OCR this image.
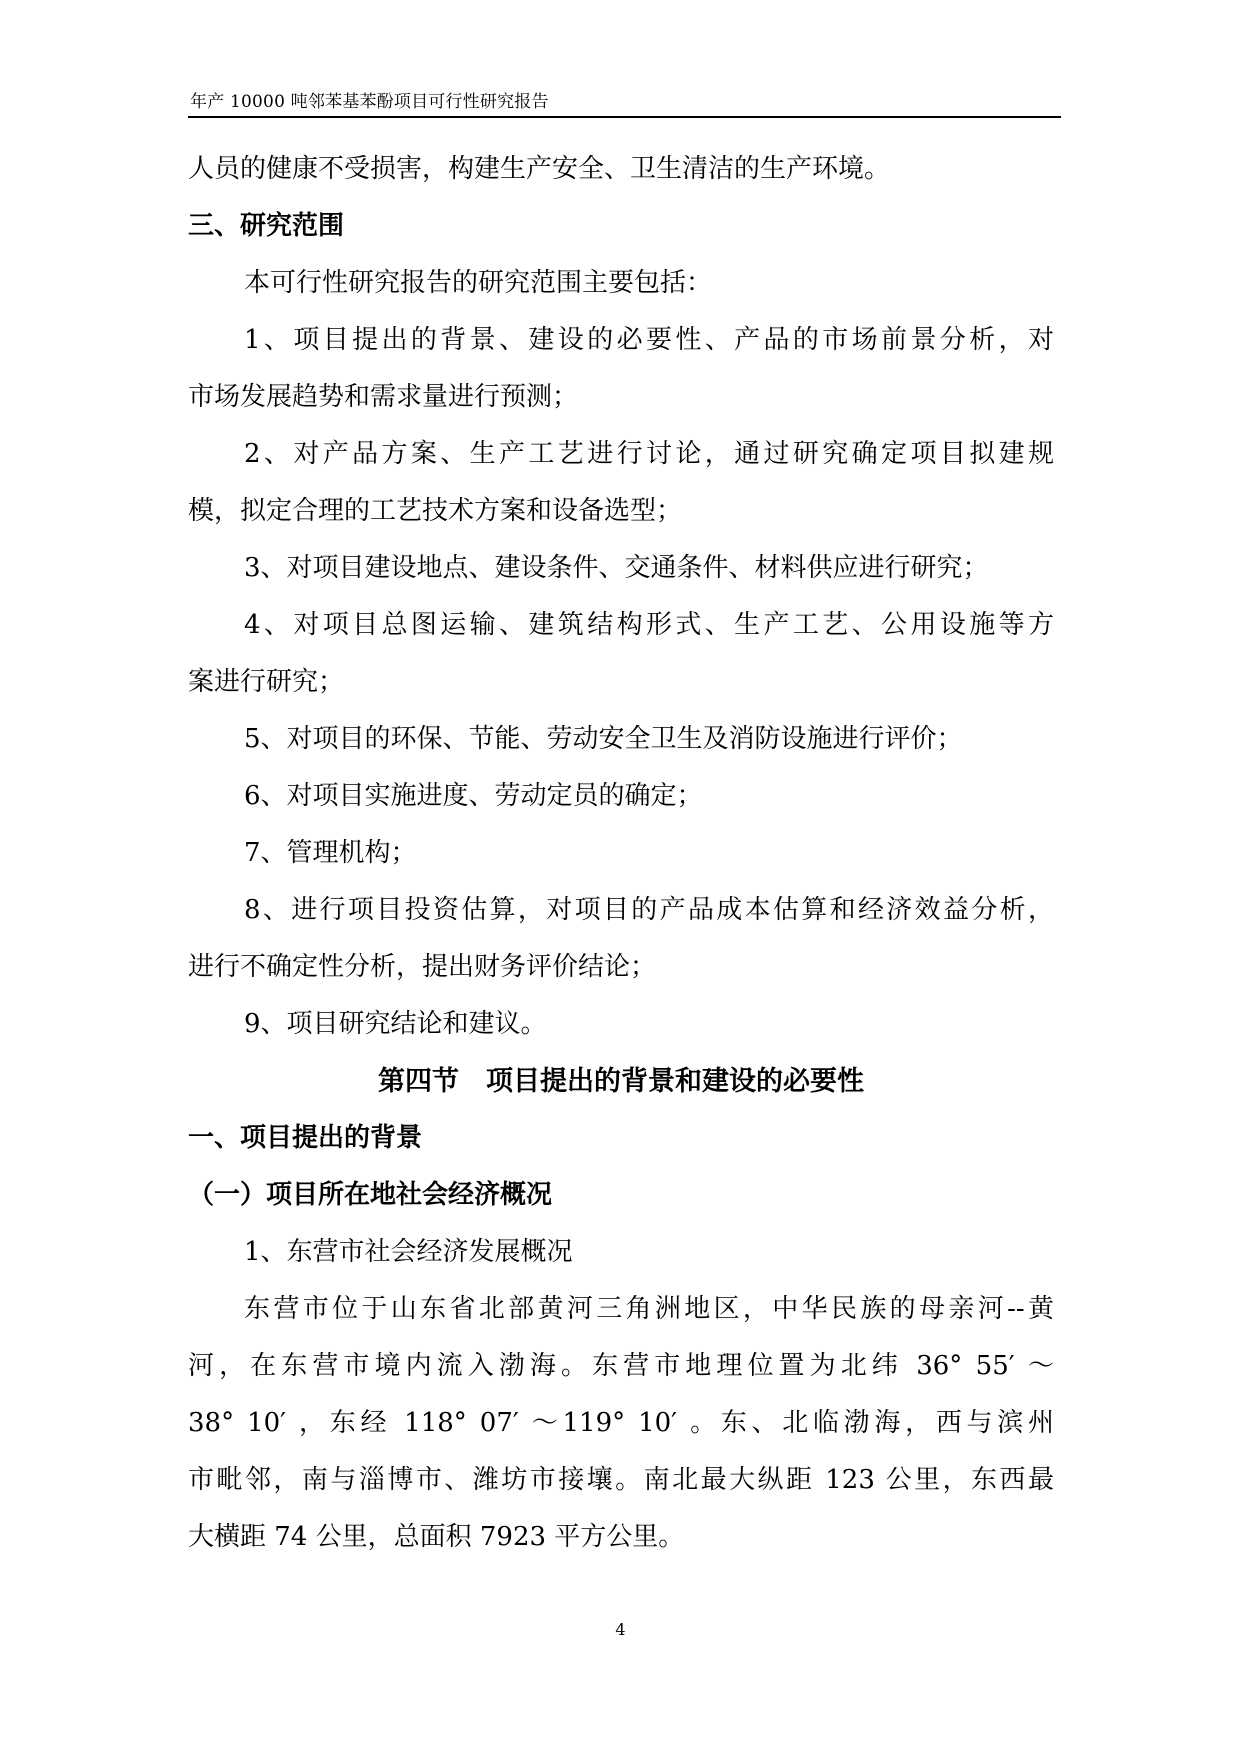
年产 10000 吨邻苯基苯酚项目可行性研究报告
人员的健康不受损害，构建生产安全、卫生清洁的生产环境。
三、研究范围
本可行性研究报告的研究范围主要包括：
1、项目提出的背景、建设的必要性、产品的市场前景分析，对
市场发展趋势和需求量进行预测；
2、对产品方案、生产工艺进行讨论，通过研究确定项目拟建规
模，拟定合理的工艺技术方案和设备选型；
3、对项目建设地点、建设条件、交通条件、材料供应进行研究；
4、对项目总图运输、建筑结构形式、生产工艺、公用设施等方
案进行研究；
5、对项目的环保、节能、劳动安全卫生及消防设施进行评价；
6、对项目实施进度、劳动定员的确定；
7、管理机构；
8、进行项目投资估算，对项目的产品成本估算和经济效益分析，
进行不确定性分析，提出财务评价结论；
9、项目研究结论和建议。
第四节　项目提出的背景和建设的必要性
一、项目提出的背景
（一）项目所在地社会经济概况
1、东营市社会经济发展概况
东营市位于山东省北部黄河三角洲地区，中华民族的母亲河--黄
河，在东营市境内流入渤海。东营市地理位置为北纬 36° 55′ ～
38° 10′ ，东经 118° 07′ ～119° 10′ 。东、北临渤海，西与滨州
市毗邻，南与淄博市、潍坊市接壤。南北最大纵距 123 公里，东西最
大横距 74 公里，总面积 7923 平方公里。
4
